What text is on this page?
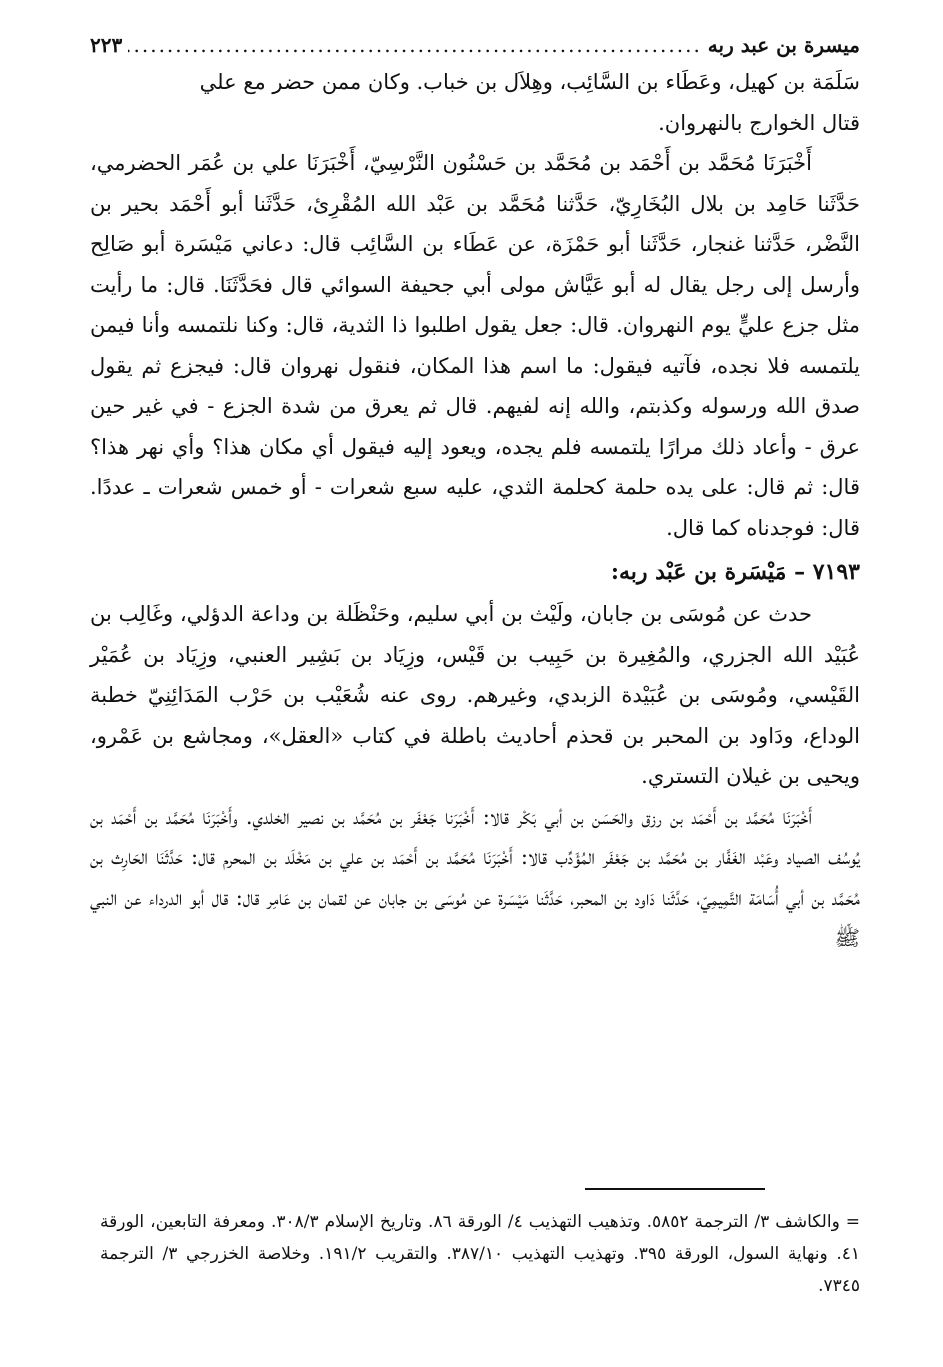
ميسرة بن عبد ربه
.....
٢٢٣

سَلَمَة بن كهيل، وعَطَاء بن السَّائِب، وهِلاَل بن خباب. وكان ممن حضر مع علي
قتال الخوارج بالنهروان.

أَخْبَرَنَا مُحَمَّد بن أَحْمَد بن مُحَمَّد بن حَسْنُون النَّرْسِيّ، أَخْبَرَنَا علي بن عُمَر الحضرمي، حَدَّثَنا حَامِد بن بلال البُخَارِيّ، حَدَّثنا مُحَمَّد بن عَبْد الله المُقْرِئ، حَدَّثَنا أبو أَحْمَد بحير بن النَّضْر، حَدَّثنا غنجار، حَدَّثَنا أبو حَمْزَة، عن عَطَاء بن السَّائِب قال: دعاني مَيْسَرة أبو صَالِح وأرسل إلى رجل يقال له أبو عَيَّاش مولى أبي جحيفة السوائي قال فحَدَّثَنَا. قال: ما رأيت مثل جزع عليٍّ يوم النهروان. قال: جعل يقول اطلبوا ذا الثدية، قال: وكنا نلتمسه وأنا فيمن يلتمسه فلا نجده، فآتيه فيقول: ما اسم هذا المكان، فنقول نهروان قال: فيجزع ثم يقول صدق الله ورسوله وكذبتم، والله إنه لفيهم. قال ثم يعرق من شدة الجزع - في غير حين عرق - وأعاد ذلك مرارًا يلتمسه فلم يجده، ويعود إليه فيقول أي مكان هذا؟ وأي نهر هذا؟ قال: ثم قال: على يده حلمة كحلمة الثدي، عليه سبع شعرات - أو خمس شعرات ـ عددًا. قال: فوجدناه كما قال.

٧١٩٣ – مَيْسَرة بن عَبْد ربه:

حدث عن مُوسَى بن جابان، ولَيْث بن أبي سليم، وحَنْظَلة بن وداعة الدؤلي، وغَالِب بن عُبَيْد الله الجزري، والمُغِيرة بن حَبِيب بن قَيْس، وزِيَاد بن بَشِير العنبي، وزِيَاد بن عُمَيْر القَيْسي، ومُوسَى بن عُبَيْدة الزبدي، وغيرهم. روى عنه شُعَيْب بن حَرْب المَدَائِنِيّ خطبة الوداع، ودَاود بن المحبر بن قحذم أحاديث باطلة في كتاب «العقل»، ومجاشع بن عَمْرو، ويحيى بن غيلان التستري.

أَخْبَرَنَا مُحَمَّد بن أَحْمَد بن رزق والحَسَن بن أبي بَكْر قالا: أَخْبَرَنا جَعْفَر بن مُحَمَّد بن نصير الخلدي. وأَخْبَرَنَا مُحَمَّد بن أَحْمَد بن يُوسُف الصياد وعَبْد الغَفَّار بن مُحَمَّد بن جَعْفَر المُؤَدِّب قالا: أَخْبَرَنَا مُحَمَّد بن أَحْمَد بن علي بن مَخْلَد بن المحرم قال: حَدَّثَنَا الحَارِث بن مُحَمَّد بن أبي أُسَامَة التَّمِيمِيّ، حَدَّثَنا دَاود بن المحبر، حَدَّثَنا مَيْسَرة عن مُوسَى بن جابان عن لقمان بن عَامِر قال: قال أبو الدرداء عن النبي ﷺ

= والكاشف ٣/ الترجمة ٥٨٥٢. وتذهيب التهذيب ٤/ الورقة ٨٦. وتاريخ الإسلام ٣٠٨/٣. ومعرفة التابعين، الورقة ٤١. ونهاية السول، الورقة ٣٩٥. وتهذيب التهذيب ٣٨٧/١٠. والتقريب ١٩١/٢. وخلاصة الخزرجي ٣/ الترجمة ٧٣٤٥.
